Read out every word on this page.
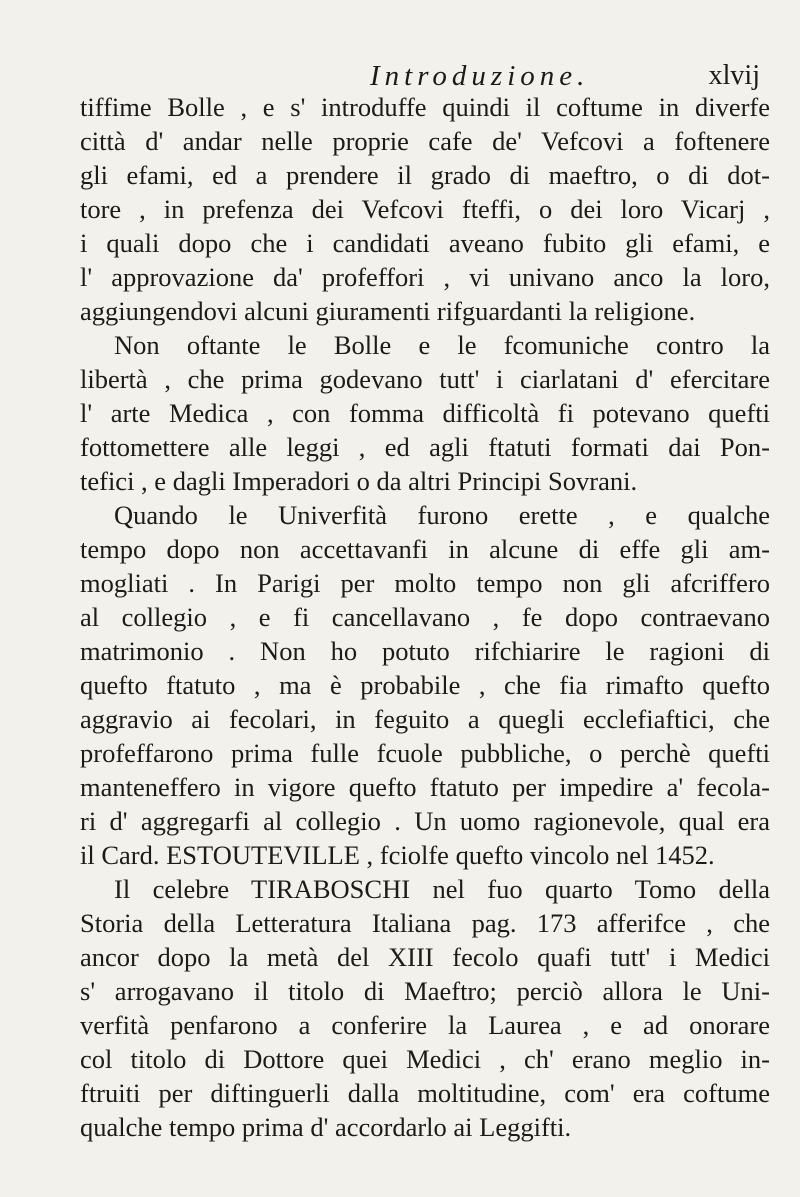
Introduzione.	xlvij
tiffime Bolle , e s' introduffe quindi il coftume in diverfe
città d' andar nelle proprie cafe de' Vefcovi a foftenere
gli efami, ed a prendere il grado di maeftro, o di dot-
tore , in prefenza dei Vefcovi fteffi, o dei loro Vicarj ,
i quali dopo che i candidati aveano fubito gli efami, e
l' approvazione da' profeffori , vi univano anco la loro,
aggiungendovi alcuni giuramenti rifguardanti la religione.
Non oftante le Bolle e le fcomuniche contro la
libertà , che prima godevano tutt' i ciarlatani d' efercitare
l' arte Medica , con fomma difficoltà fi potevano quefti
fottomettere alle leggi , ed agli ftatuti formati dai Pon-
tefici , e dagli Imperadori o da altri Principi Sovrani.
Quando le Univerfità furono erette , e qualche
tempo dopo non accettavanfi in alcune di effe gli am-
mogliati . In Parigi per molto tempo non gli afcriffero
al collegio , e fi cancellavano , fe dopo contraevano
matrimonio . Non ho potuto rifchiarire le ragioni di
quefto ftatuto , ma è probabile , che fia rimafto quefto
aggravio ai fecolari, in feguito a quegli ecclefiaftici, che
profeffarono prima fulle fcuole pubbliche, o perchè quefti
manteneffero in vigore quefto ftatuto per impedire a' fecola-
ri d' aggregarfi al collegio . Un uomo ragionevole, qual era
il Card. ESTOUTEVILLE , fciolfe quefto vincolo nel 1452.
Il celebre TIRABOSCHI nel fuo quarto Tomo della
Storia della Letteratura Italiana pag. 173 afferifce , che
ancor dopo la metà del XIII fecolo quafi tutt' i Medici
s' arrogavano il titolo di Maeftro; perciò allora le Uni-
verfità penfarono a conferire la Laurea , e ad onorare
col titolo di Dottore quei Medici , ch' erano meglio in-
ftruiti per diftinguerli dalla moltitudine, com' era coftume
qualche tempo prima d' accordarlo ai Leggifti.
